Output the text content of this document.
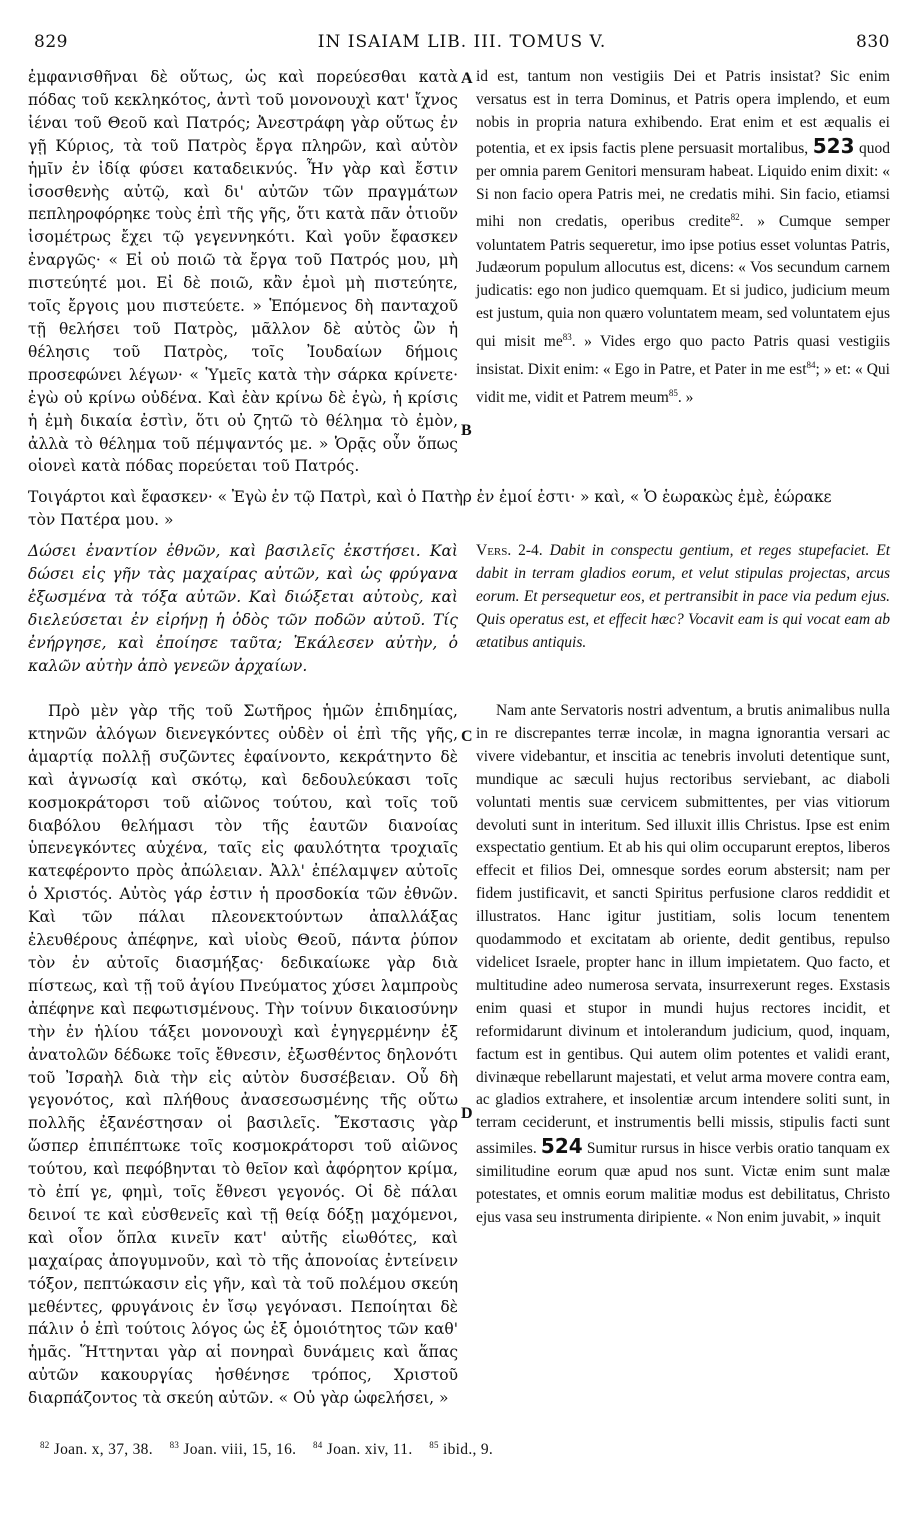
829	IN ISAIAM LIB. III. TOMUS V.	830

ἐμφανισθῆναι δὲ οὕτως, ὡς καὶ πορεύεσθαι κατὰ πόδας τοῦ κεκληκότος, ἀντὶ τοῦ μονονουχὶ κατ' ἴχνος ἰέναι τοῦ Θεοῦ καὶ Πατρός; Ἀνεστράφη γὰρ οὕτως ἐν γῇ Κύριος, τὰ τοῦ Πατρὸς ἔργα πληρῶν, καὶ αὐτὸν ἡμῖν ἐν ἰδίᾳ φύσει καταδεικνύς. Ἦν γὰρ καὶ ἔστιν ἰσοσθενὴς αὐτῷ, καὶ δι' αὐτῶν τῶν πραγμάτων πεπληροφόρηκε τοὺς ἐπὶ τῆς γῆς, ὅτι κατὰ πᾶν ὁτιοῦν ἰσομέτρως ἔχει τῷ γεγεννηκότι. Καὶ γοῦν ἔφασκεν ἐναργῶς· « Εἰ οὐ ποιῶ τὰ ἔργα τοῦ Πατρός μου, μὴ πιστεύητέ μοι. Εἰ δὲ ποιῶ, κἂν ἐμοὶ μὴ πιστεύητε, τοῖς ἔργοις μου πιστεύετε. » Ἑπόμενος δὴ πανταχοῦ τῇ θελήσει τοῦ Πατρὸς, μᾶλλον δὲ αὐτὸς ὢν ἡ θέλησις τοῦ Πατρὸς, τοῖς Ἰουδαίων δήμοις προσεφώνει λέγων· « Ὑμεῖς κατὰ τὴν σάρκα κρίνετε· ἐγὼ οὐ κρίνω οὐδένα. Καὶ ἐὰν κρίνω δὲ ἐγὼ, ἡ κρίσις ἡ ἐμὴ δικαία ἐστὶν, ὅτι οὐ ζητῶ τὸ θέλημα τὸ ἐμὸν, ἀλλὰ τὸ θέλημα τοῦ πέμψαντός με. » Ὁρᾷς οὖν ὅπως οἱονεὶ κατὰ πόδας πορεύεται τοῦ Πατρός.

id est, tantum non vestigiis Dei et Patris insistat? Sic enim versatus est in terra Dominus, et Patris opera implendo, et eum nobis in propria natura exhibendo. Erat enim et est æqualis ei potentia, et ex ipsis factis plene persuasit mortalibus, 523 quod per omnia parem Genitori mensuram habeat. Liquido enim dixit: « Si non facio opera Patris mei, ne credatis mihi. Sin facio, etiamsi mihi non credatis, operibus credite$^{82}$. » Cumque semper voluntatem Patris sequeretur, imo ipse potius esset voluntas Patris, Judæorum populum allocutus est, dicens: « Vos secundum carnem judicatis: ego non judico quemquam. Et si judico, judicium meum est justum, quia non quæro voluntatem meam, sed voluntatem ejus qui misit $me^{83}$. » Vides ergo quo pacto Patris quasi vestigiis insistat. Dixit enim: « Ego in Patre, et Pater in me est$^{84}$; » et: « Qui vidit me, vidit et Patrem meum$^{85}$. »

Τοιγάρτοι καὶ ἔφασκεν· « Ἐγὼ ἐν τῷ Πατρὶ, καὶ ὁ Πατὴρ ἐν ἐμοί ἐστι· » καὶ, « Ὁ ἑωρακὼς ἐμὲ, ἑώρακε
τὸν Πατέρα μου. »

Δώσει ἐναντίον ἐθνῶν, καὶ βασιλεῖς ἐκστήσει. Καὶ δώσει εἰς γῆν τὰς μαχαίρας αὐτῶν, καὶ ὡς φρύγανα ἐξωσμένα τὰ τόξα αὐτῶν. Καὶ διώξεται αὐτοὺς, καὶ διελεύσεται ἐν εἰρήνῃ ἡ ὁδὸς τῶν ποδῶν αὐτοῦ. Τίς ἐνήργησε, καὶ ἐποίησε ταῦτα; Ἐκάλεσεν αὐτὴν, ὁ καλῶν αὐτὴν ἀπὸ γενεῶν ἀρχαίων.

Vers. 2-4. Dabit in conspectu gentium, et reges stupefaciet. Et dabit in terram gladios eorum, et velut stipulas projectas, arcus eorum. Et persequetur eos, et pertransibit in pace via pedum ejus. Quis operatus est, et effecit hæc? Vocavit eam is qui vocat eam ab ætatibus antiquis.

Πρὸ μὲν γὰρ τῆς τοῦ Σωτῆρος ἡμῶν ἐπιδημίας, κτηνῶν ἀλόγων διενεγκόντες οὐδὲν οἱ ἐπὶ τῆς γῆς, ἁμαρτίᾳ πολλῇ συζῶντες ἐφαίνοντο, κεκράτηντο δὲ καὶ ἀγνωσίᾳ καὶ σκότῳ, καὶ δεδουλεύκασι τοῖς κοσμοκράτορσι τοῦ αἰῶνος τούτου, καὶ τοῖς τοῦ διαβόλου θελήμασι τὸν τῆς ἑαυτῶν διανοίας ὑπενεγκόντες αὐχένα, ταῖς εἰς φαυλότητα τροχιαῖς κατεφέροντο πρὸς ἀπώλειαν. Ἀλλ' ἐπέλαμψεν αὐτοῖς ὁ Χριστός. Αὐτὸς γάρ ἐστιν ἡ προσδοκία τῶν ἐθνῶν. Καὶ τῶν πάλαι πλεονεκτούντων ἀπαλλάξας ἐλευθέρους ἀπέφηνε, καὶ υἱοὺς Θεοῦ, πάντα ῥύπον τὸν ἐν αὐτοῖς διασμήξας· δεδικαίωκε γὰρ διὰ πίστεως, καὶ τῇ τοῦ ἁγίου Πνεύματος χύσει λαμπροὺς ἀπέφηνε καὶ πεφωτισμένους. Τὴν τοίνυν δικαιοσύνην τὴν ἐν ἡλίου τάξει μονονουχὶ καὶ ἐγηγερμένην ἐξ ἀνατολῶν δέδωκε τοῖς ἔθνεσιν, ἐξωσθέντος δηλονότι τοῦ Ἰσραὴλ διὰ τὴν εἰς αὐτὸν δυσσέβειαν. Οὗ δὴ γεγονότος, καὶ πλήθους ἀνασεσωσμένης τῆς οὕτω πολλῆς ἐξανέστησαν οἱ βασιλεῖς. Ἔκστασις γὰρ ὥσπερ ἐπιπέπτωκε τοῖς κοσμοκράτορσι τοῦ αἰῶνος τούτου, καὶ πεφόβηνται τὸ θεῖον καὶ ἀφόρητον κρίμα, τὸ ἐπί γε, φημὶ, τοῖς ἔθνεσι γεγονός. Οἱ δὲ πάλαι δεινοί τε καὶ εὐσθενεῖς καὶ τῇ θείᾳ δόξῃ μαχόμενοι, καὶ οἷον ὅπλα κινεῖν κατ' αὐτῆς εἰωθότες, καὶ μαχαίρας ἀπογυμνοῦν, καὶ τὸ τῆς ἀπονοίας ἐντείνειν τόξον, πεπτώκασιν εἰς γῆν, καὶ τὰ τοῦ πολέμου σκεύη μεθέντες, φρυγάνοις ἐν ἴσῳ γεγόνασι. Πεποίηται δὲ πάλιν ὁ ἐπὶ τούτοις λόγος ὡς ἐξ ὁμοιότητος τῶν καθ' ἡμᾶς. Ἥττηνται γὰρ αἱ πονηραὶ δυνάμεις καὶ ἅπας αὐτῶν κακουργίας ἠσθένησε τρόπος, Χριστοῦ διαρπάζοντος τὰ σκεύη αὐτῶν. « Οὐ γὰρ ὠφελήσει, »

Nam ante Servatoris nostri adventum, a brutis animalibus nulla in re discrepantes terræ incolæ, in magna ignorantia versari ac vivere videbantur, et inscitia ac tenebris involuti detentique sunt, mundique ac sæculi hujus rectoribus serviebant, ac diaboli voluntati mentis suæ cervicem submittentes, per vias vitiorum devoluti sunt in interitum. Sed illuxit illis Christus. Ipse est enim exspectatio gentium. Et ab his qui olim occuparunt ereptos, liberos effecit et filios Dei, omnesque sordes eorum abstersit; nam per fidem justificavit, et sancti Spiritus perfusione claros reddidit et illustratos. Hanc igitur justitiam, solis locum tenentem quodammodo et excitatam ab oriente, dedit gentibus, repulso videlicet Israele, propter hanc in illum impietatem. Quo facto, et multitudine adeo numerosa servata, insurrexerunt reges. Exstasis enim quasi et stupor in mundi hujus rectores incidit, et reformidarunt divinum et intolerandum judicium, quod, inquam, factum est in gentibus. Qui autem olim potentes et validi erant, divinæque rebellarunt majestati, et velut arma movere contra eam, ac gladios extrahere, et insolentiæ arcum intendere soliti sunt, in terram ceciderunt, et instrumentis belli missis, stipulis facti sunt assimiles. 524 Sumitur rursus in hisce verbis oratio tanquam ex similitudine eorum quæ apud nos sunt. Victæ enim sunt malæ potestates, et omnis eorum malitiæ modus est debilitatus, Christo ejus vasa seu instrumenta diripiente. « Non enim juvabit, » inquit

A
B
C
D
$^{82}$ Joan. x, 37, 38. $^{83}$ Joan. viii, 15, 16. $^{84}$ Joan. xiv, 11. $^{85}$ ibid., 9.
